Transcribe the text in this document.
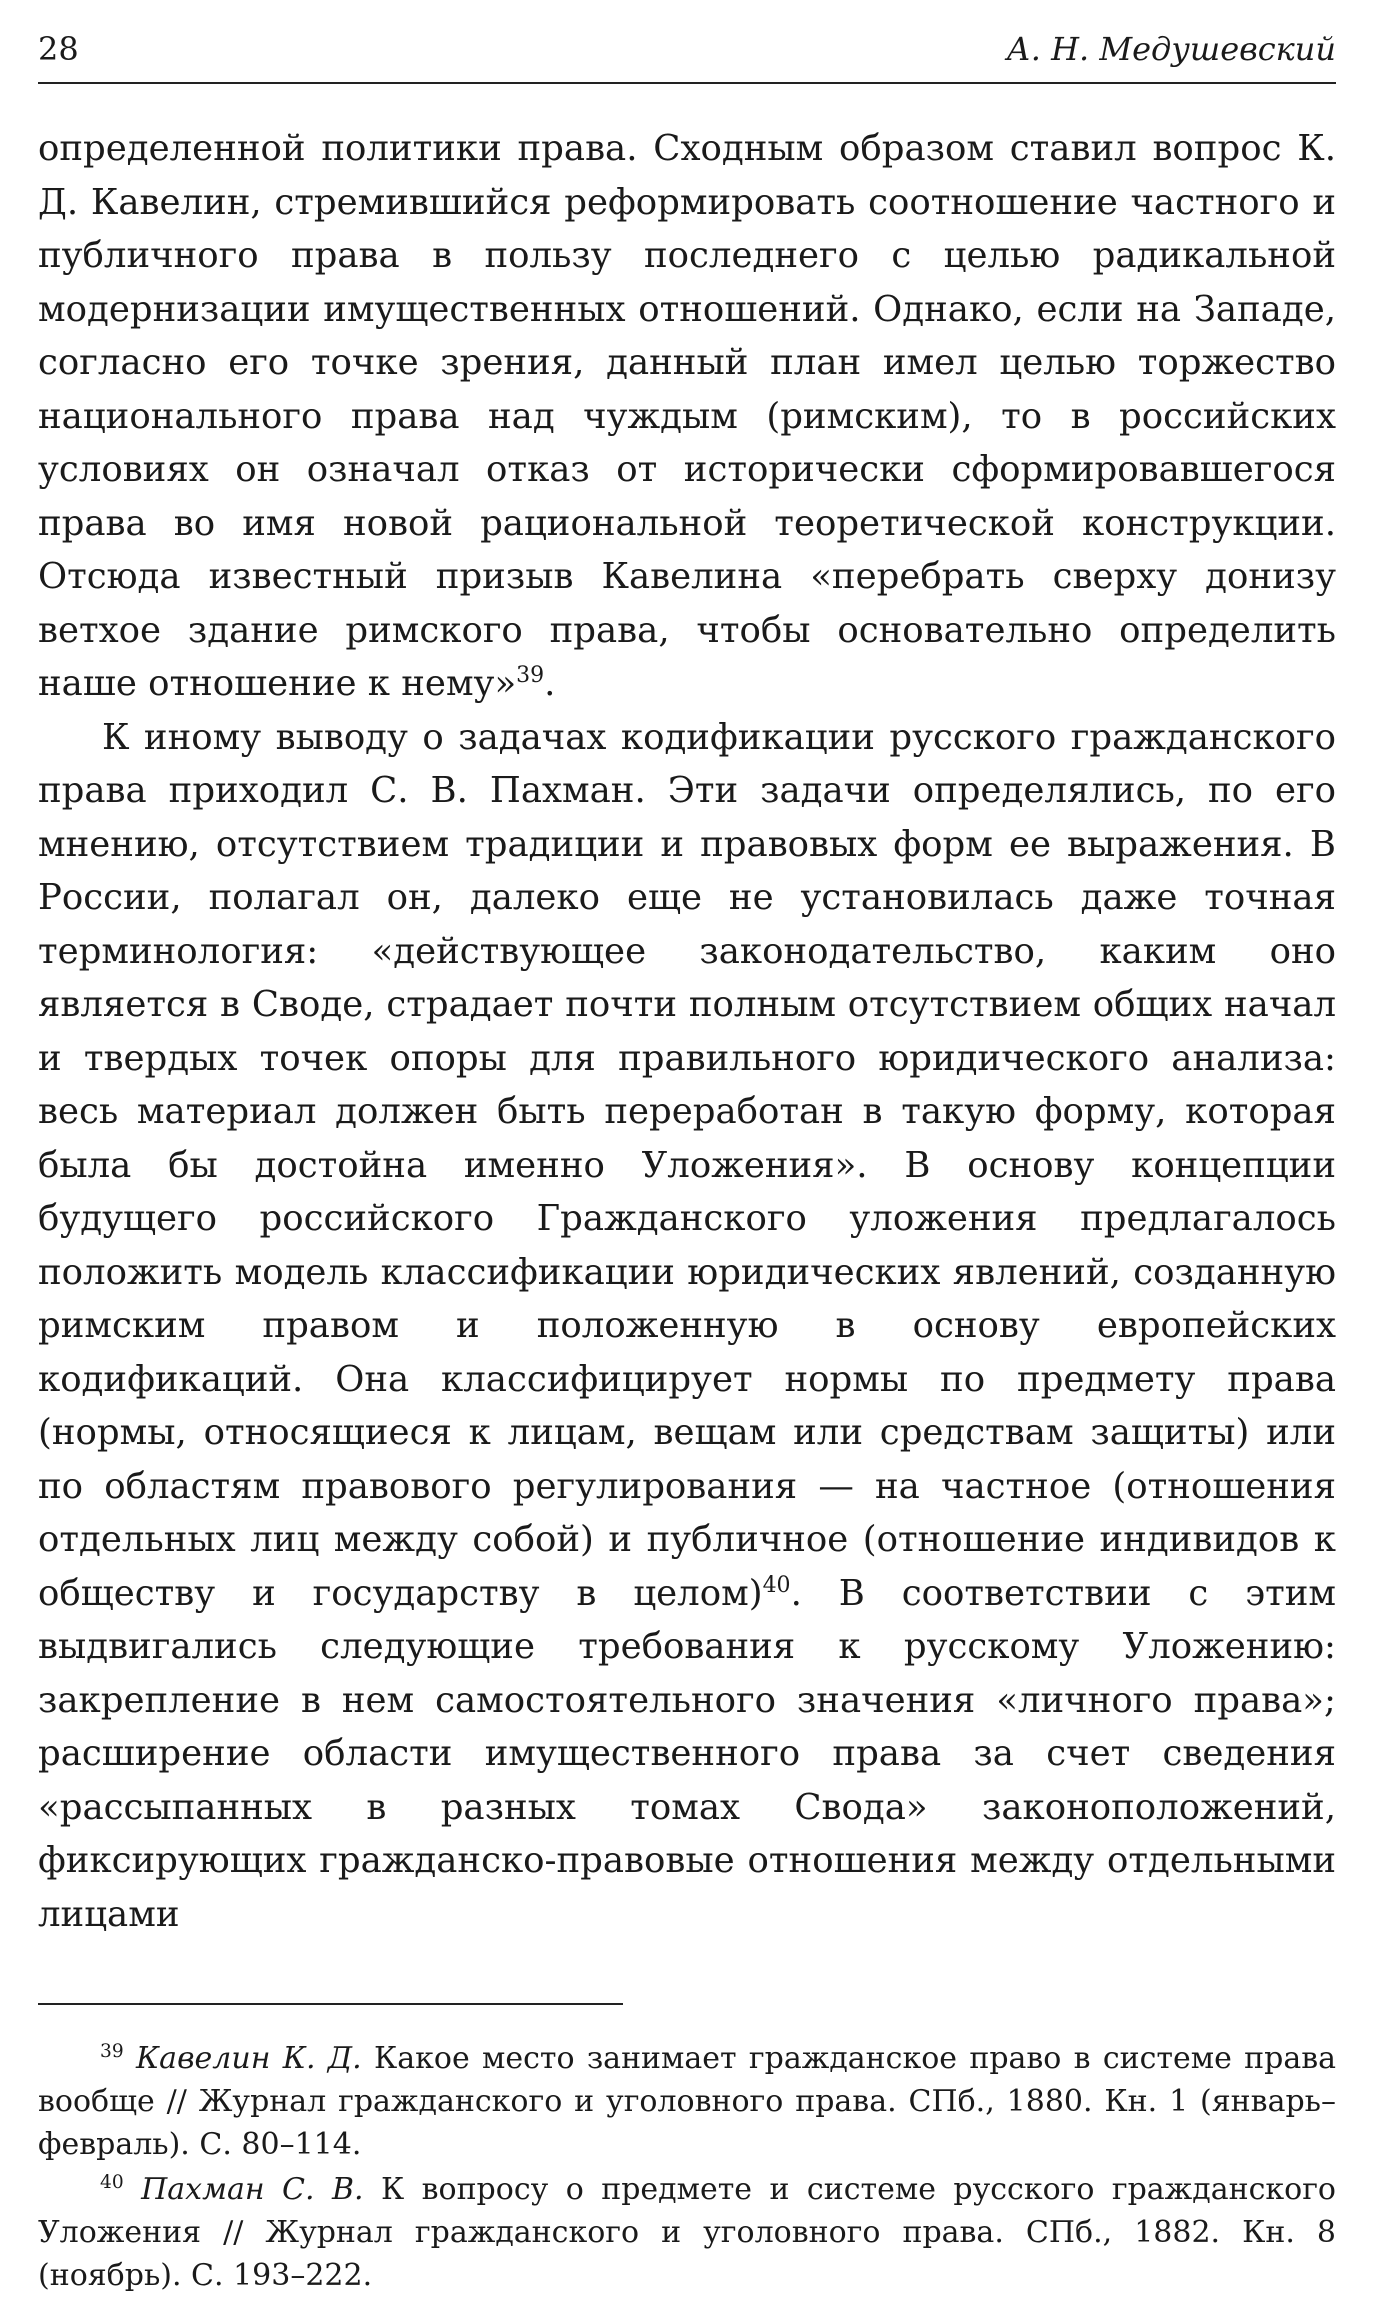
28	А. Н. Медушевский

определенной политики права. Сходным образом ставил вопрос К. Д. Кавелин, стремившийся реформировать соотношение частного и публичного права в пользу последнего с целью радикальной модернизации имущественных отношений. Однако, если на Западе, согласно его точке зрения, данный план имел целью торжество национального права над чуждым (римским), то в российских условиях он означал отказ от исторически сформировавшегося права во имя новой рациональной теоретической конструкции. Отсюда известный призыв Кавелина «перебрать сверху донизу ветхое здание римского права, чтобы основательно определить наше отношение к нему»$^{39}$.

К иному выводу о задачах кодификации русского гражданского права приходил С. В. Пахман. Эти задачи определялись, по его мнению, отсутствием традиции и правовых форм ее выражения. В России, полагал он, далеко еще не установилась даже точная терминология: «действующее законодательство, каким оно является в Своде, страдает почти полным отсутствием общих начал и твердых точек опоры для правильного юридического анализа: весь материал должен быть переработан в такую форму, которая была бы достойна именно Уложения». В основу концепции будущего российского Гражданского уложения предлагалось положить модель классификации юридических явлений, созданную римским правом и положенную в основу европейских кодификаций. Она классифицирует нормы по предмету права (нормы, относящиеся к лицам, вещам или средствам защиты) или по областям правового регулирования — на частное (отношения отдельных лиц между собой) и публичное (отношение индивидов к обществу и государству в целом)$^{40}$. В соответствии с этим выдвигались следующие требования к русскому Уложению: закрепление в нем самостоятельного значения «личного права»; расширение области имущественного права за счет сведения «рассыпанных в разных томах Свода» законоположений, фиксирующих гражданско-правовые отношения между отдельными лицами

$^{39}$ Кавелин К. Д. Какое место занимает гражданское право в системе права вообще // Журнал гражданского и уголовного права. СПб., 1880. Кн. 1 (январь–февраль). С. 80–114.

$^{40}$ Пахман С. В. К вопросу о предмете и системе русского гражданского Уложения // Журнал гражданского и уголовного права. СПб., 1882. Кн. 8 (ноябрь). С. 193–222.
